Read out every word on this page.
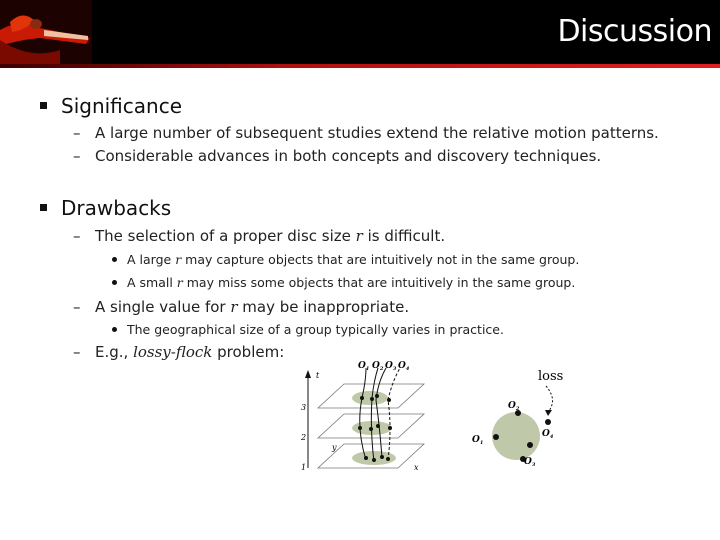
Discussion
Significance
– A large number of subsequent studies extend the relative motion patterns.
– Considerable advances in both concepts and discovery techniques.
Drawbacks
– The selection of a proper disc size r is difficult.
A large r may capture objects that are intuitively not in the same group.
A small r may miss some objects that are intuitively in the same group.
– A single value for r may be inappropriate.
The geographical size of a group typically varies in practice.
– E.g., lossy-flock problem:
t
1
2
3
x
y
$O_1$ $O_2$ $O_3$ $O_4$	loss
$O_2$
$O_1$
$O_3$
$O_4$
